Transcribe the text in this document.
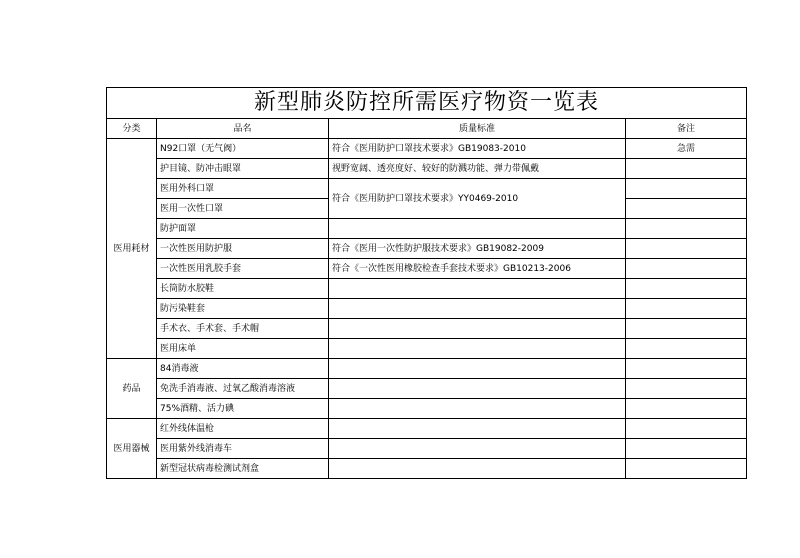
新型肺炎防控所需医疗物资一览表			
分类	品名	质量标准	备注
医用耗材	N92口罩（无气阀）	符合《医用防护口罩技术要求》GB19083-2010	急需
	护目镜、防冲击眼罩	视野宽阔、透亮度好、较好的防溅功能、弹力带佩戴	
	医用外科口罩	符合《医用防护口罩技术要求》YY0469-2010	
	医用一次性口罩		
	防护面罩		
	一次性医用防护服	符合《医用一次性防护服技术要求》GB19082-2009	
	一次性医用乳胶手套	符合《一次性医用橡胶检查手套技术要求》GB10213-2006	
	长筒防水胶鞋		
	防污染鞋套		
	手术衣、手术套、手术帽		
	医用床单		
药品	84消毒液		
	免洗手消毒液、过氧乙酸消毒溶液		
	75%酒精、活力碘		
医用器械	红外线体温枪		
	医用紫外线消毒车		
	新型冠状病毒检测试剂盒		
